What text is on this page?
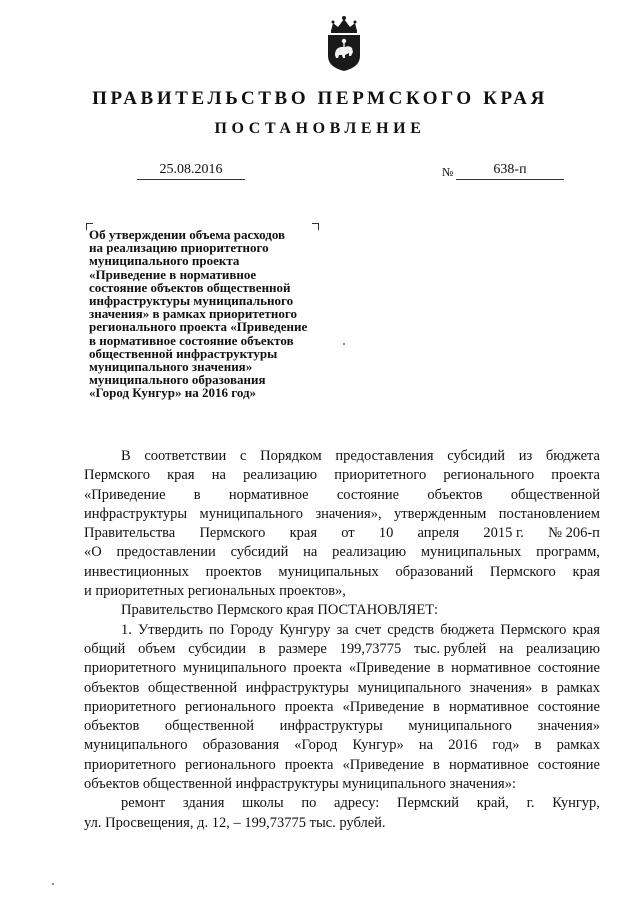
ПРАВИТЕЛЬСТВО ПЕРМСКОГО КРАЯ
ПОСТАНОВЛЕНИЕ
25.08.2016	№	638-п
Об утверждении объема расходов
на реализацию приоритетного
муниципального проекта
«Приведение в нормативное
состояние объектов общественной
инфраструктуры муниципального
значения» в рамках приоритетного
регионального проекта «Приведение
в нормативное состояние объектов
общественной инфраструктуры
муниципального значения»
муниципального образования
«Город Кунгур» на 2016 год»
В соответствии с Порядком предоставления субсидий из бюджета
Пермского края на реализацию приоритетного регионального проекта
«Приведение в нормативное состояние объектов общественной
инфраструктуры муниципального значения», утвержденным постановлением
Правительства Пермского края от 10 апреля 2015 г. № 206-п
«О предоставлении субсидий на реализацию муниципальных программ,
инвестиционных проектов муниципальных образований Пермского края
и приоритетных региональных проектов»,
Правительство Пермского края ПОСТАНОВЛЯЕТ:
1. Утвердить по Городу Кунгуру за счет средств бюджета Пермского края
общий объем субсидии в размере 199,73775 тыс. рублей на реализацию
приоритетного муниципального проекта «Приведение в нормативное состояние
объектов общественной инфраструктуры муниципального значения» в рамках
приоритетного регионального проекта «Приведение в нормативное состояние
объектов общественной инфраструктуры муниципального значения»
муниципального образования «Город Кунгур» на 2016 год» в рамках
приоритетного регионального проекта «Приведение в нормативное состояние
объектов общественной инфраструктуры муниципального значения»:
ремонт здания школы по адресу: Пермский край, г. Кунгур,
ул. Просвещения, д. 12, – 199,73775 тыс. рублей.
